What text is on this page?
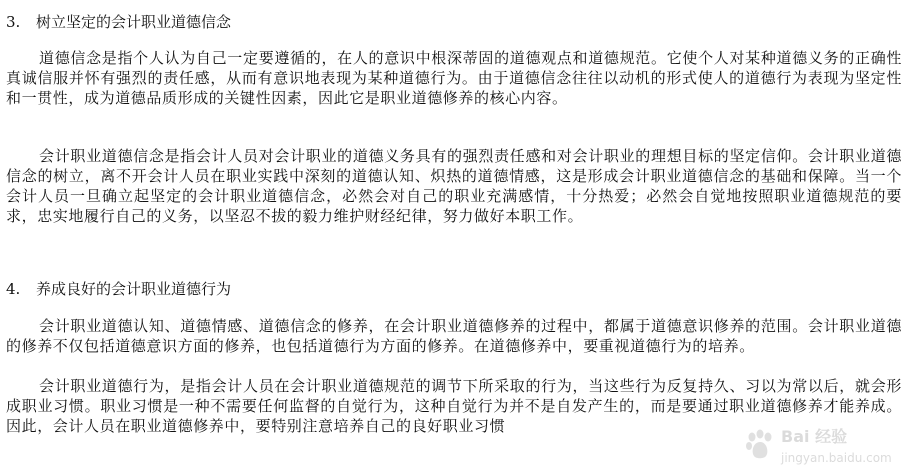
3. 树立坚定的会计职业道德信念

道德信念是指个人认为自己一定要遵循的，在人的意识中根深蒂固的道德观点和道德规范。它使个人对某种道德义务的正确性真诚信服并怀有强烈的责任感，从而有意识地表现为某种道德行为。由于道德信念往往以动机的形式使人的道德行为表现为坚定性和一贯性，成为道德品质形成的关键性因素，因此它是职业道德修养的核心内容。

会计职业道德信念是指会计人员对会计职业的道德义务具有的强烈责任感和对会计职业的理想目标的坚定信仰。会计职业道德信念的树立，离不开会计人员在职业实践中深刻的道德认知、炽热的道德情感，这是形成会计职业道德信念的基础和保障。当一个会计人员一旦确立起坚定的会计职业道德信念，必然会对自己的职业充满感情，十分热爱；必然会自觉地按照职业道德规范的要求，忠实地履行自己的义务，以坚忍不拔的毅力维护财经纪律，努力做好本职工作。

4. 养成良好的会计职业道德行为

会计职业道德认知、道德情感、道德信念的修养，在会计职业道德修养的过程中，都属于道德意识修养的范围。会计职业道德的修养不仅包括道德意识方面的修养，也包括道德行为方面的修养。在道德修养中，要重视道德行为的培养。

会计职业道德行为，是指会计人员在会计职业道德规范的调节下所采取的行为，当这些行为反复持久、习以为常以后，就会形成职业习惯。职业习惯是一种不需要任何监督的自觉行为，这种自觉行为并不是自发产生的，而是要通过职业道德修养才能养成。因此，会计人员在职业道德修养中，要特别注意培养自己的良好职业习惯

Bai 经验
jingyan.baidu.com
